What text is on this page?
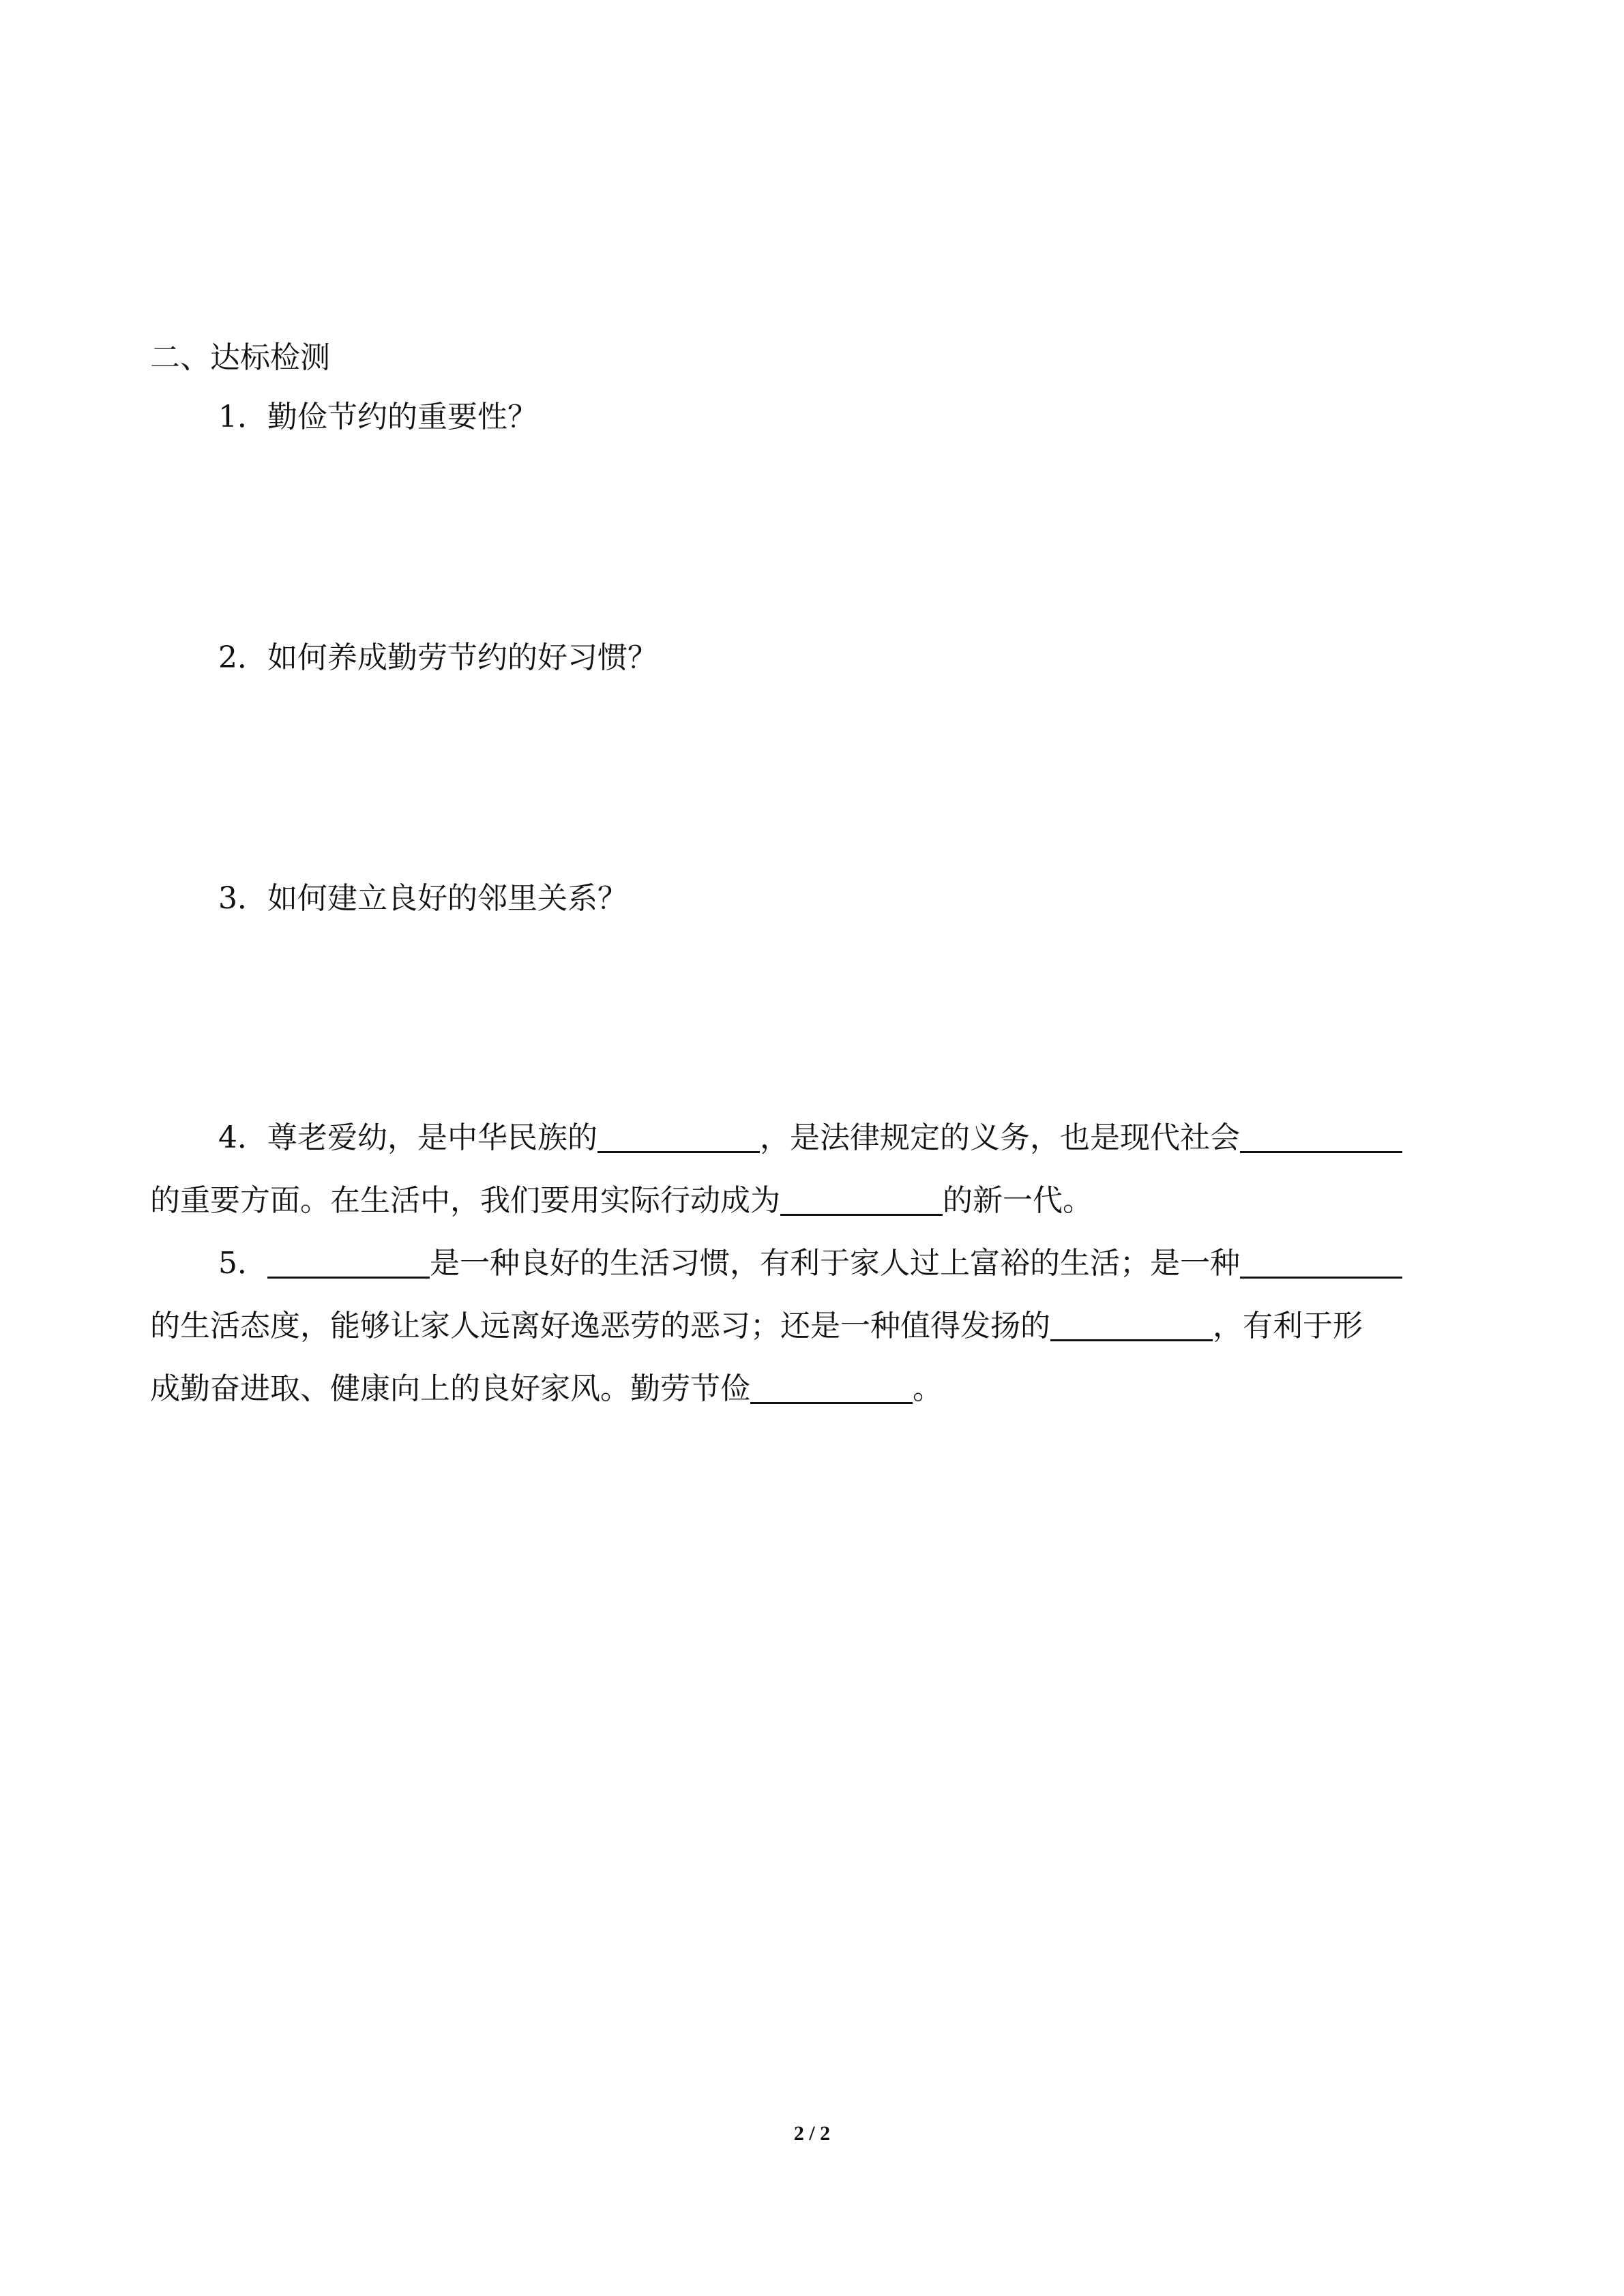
二、达标检测
1．勤俭节约的重要性？
2．如何养成勤劳节约的好习惯？
3．如何建立良好的邻里关系？
4．尊老爱幼，是中华民族的	，是法律规定的义务，也是现代社会
的重要方面。在生活中，我们要用实际行动成为	的新一代。
5．	是一种良好的生活习惯，有利于家人过上富裕的生活；是一种
的生活态度，能够让家人远离好逸恶劳的恶习；还是一种值得发扬的	，有利于形
成勤奋进取、健康向上的良好家风。勤劳节俭	。
2 / 2
